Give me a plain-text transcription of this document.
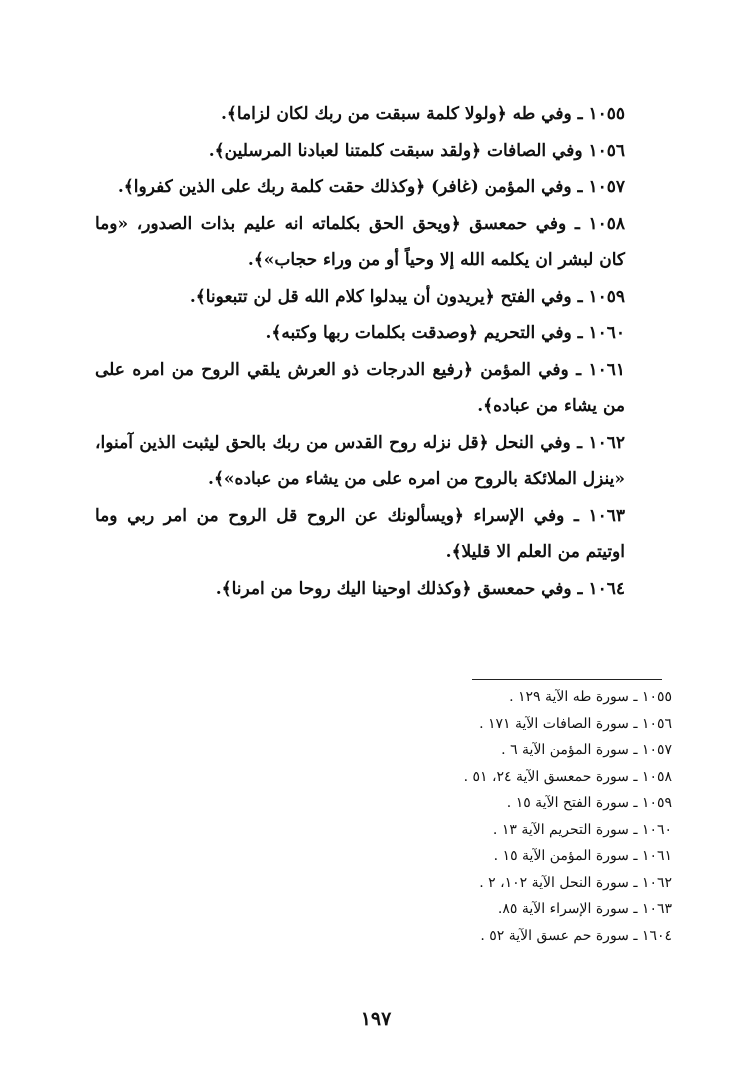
١٠٥٥ ـ وفي طه ﴿ولولا كلمة سبقت من ربك لكان لزاما﴾.

١٠٥٦ وفي الصافات ﴿ولقد سبقت كلمتنا لعبادنا المرسلين﴾.

١٠٥٧ ـ وفي المؤمن (غافر) ﴿وكذلك حقت كلمة ربك على الذين كفروا﴾.

١٠٥٨ ـ وفي حمعسق ﴿ويحق الحق بكلماته انه عليم بذات الصدور، «وما كان لبشر ان يكلمه الله إلا وحياً أو من وراء حجاب»﴾.

١٠٥٩ ـ وفي الفتح ﴿يريدون أن يبدلوا كلام الله قل لن تتبعونا﴾.

١٠٦٠ ـ وفي التحريم ﴿وصدقت بكلمات ربها وكتبه﴾.

١٠٦١ ـ وفي المؤمن ﴿رفيع الدرجات ذو العرش يلقي الروح من امره على من يشاء من عباده﴾.

١٠٦٢ ـ وفي النحل ﴿قل نزله روح القدس من ربك بالحق ليثبت الذين آمنوا، «ينزل الملائكة بالروح من امره على من يشاء من عباده»﴾.

١٠٦٣ ـ وفي الإسراء ﴿ويسألونك عن الروح قل الروح من امر ربي وما اوتيتم من العلم الا قليلا﴾.

١٠٦٤ ـ وفي حمعسق ﴿وكذلك اوحينا اليك روحا من امرنا﴾.

١٠٥٥ ـ سورة طه الآية ١٢٩ .

١٠٥٦ ـ سورة الصافات الآية ١٧١ .

١٠٥٧ ـ سورة المؤمن الآية ٦ .

١٠٥٨ ـ سورة حمعسق الآية ٢٤، ٥١ .

١٠٥٩ ـ سورة الفتح الآية ١٥ .

١٠٦٠ ـ سورة التحريم الآية ١٣ .

١٠٦١ ـ سورة المؤمن الآية ١٥ .

١٠٦٢ ـ سورة النحل الآية ١٠٢، ٢ .

١٠٦٣ ـ سورة الإسراء الآية ٨٥.

١٦٠٤ ـ سورة حم عسق الآية ٥٢ .

١٩٧
